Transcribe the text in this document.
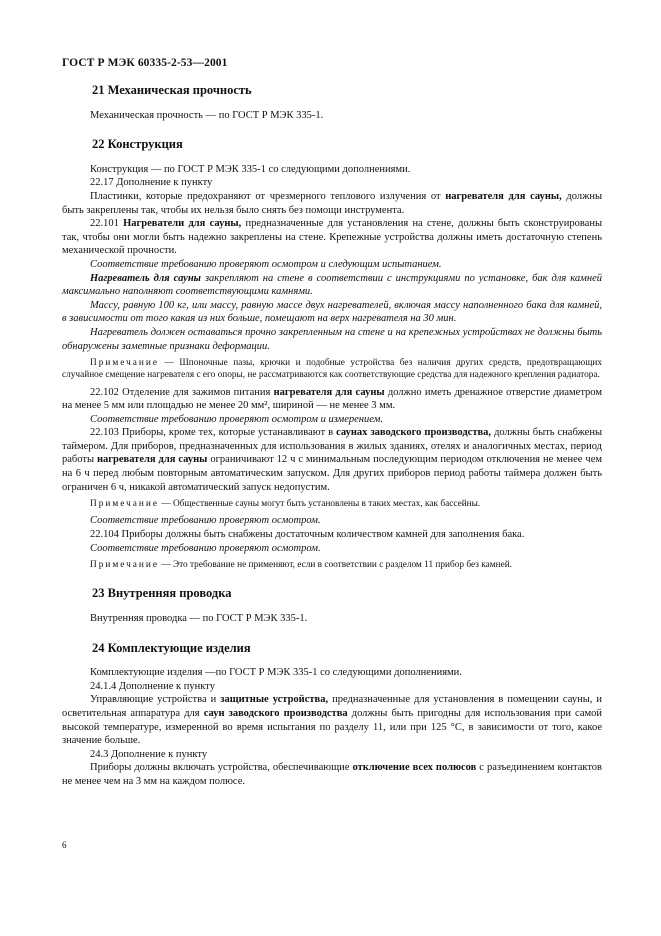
ГОСТ Р МЭК 60335-2-53—2001
21 Механическая прочность

Механическая прочность — по ГОСТ Р МЭК 335-1.

22 Конструкция

Конструкция — по ГОСТ Р МЭК 335-1 со следующими дополнениями.

22.17 Дополнение к пункту

Пластинки, которые предохраняют от чрезмерного теплового излучения от нагревателя для сауны, должны быть закреплены так, чтобы их нельзя было снять без помощи инструмента.

22.101 Нагреватели для сауны, предназначенные для установления на стене, должны быть сконструированы так, чтобы они могли быть надежно закреплены на стене. Крепежные устройства должны иметь достаточную степень механической прочности.

Соответствие требованию проверяют осмотром и следующим испытанием.

Нагреватель для сауны закрепляют на стене в соответствии с инструкциями по установке, бак для камней максимально наполняют соответствующими камнями.

Массу, равную 100 кг, или массу, равную массе двух нагревателей, включая массу наполненного бака для камней, в зависимости от того какая из них больше, помещают на верх нагревателя на 30 мин.

Нагреватель должен оставаться прочно закрепленным на стене и на крепежных устройствах не должны быть обнаружены заметные признаки деформации.

Примечание — Шпоночные пазы, крючки и подобные устройства без наличия других средств, предотвращающих случайное смещение нагревателя с его опоры, не рассматриваются как соответствующие средства для надежного крепления радиатора.

22.102 Отделение для зажимов питания нагревателя для сауны должно иметь дренажное отверстие диаметром на менее 5 мм или площадью не менее 20 мм², шириной — не менее 3 мм.

Соответствие требованию проверяют осмотром и измерением.

22.103 Приборы, кроме тех, которые устанавливают в саунах заводского производства, должны быть снабжены таймером. Для приборов, предназначенных для использования в жилых зданиях, отелях и аналогичных местах, период работы нагревателя для сауны ограничивают 12 ч с минимальным последующим периодом отключения не менее чем на 6 ч перед любым повторным автоматическим запуском. Для других приборов период работы таймера должен быть ограничен 6 ч, никакой автоматический запуск недопустим.

Примечание — Общественные сауны могут быть установлены в таких местах, как бассейны.

Соответствие требованию проверяют осмотром.

22.104 Приборы должны быть снабжены достаточным количеством камней для заполнения бака.

Соответствие требованию проверяют осмотром.

Примечание — Это требование не применяют, если в соответствии с разделом 11 прибор без камней.

23 Внутренняя проводка

Внутренняя проводка — по ГОСТ Р МЭК 335-1.

24 Комплектующие изделия

Комплектующие изделия —по ГОСТ Р МЭК 335-1 со следующими дополнениями.

24.1.4 Дополнение к пункту

Управляющие устройства и защитные устройства, предназначенные для установления в помещении сауны, и осветительная аппаратура для саун заводского производства должны быть пригодны для использования при самой высокой температуре, измеренной во время испытания по разделу 11, или при 125 °С, в зависимости от того, какое значение больше.

24.3 Дополнение к пункту

Приборы должны включать устройства, обеспечивающие отключение всех полюсов с разъединением контактов не менее чем на 3 мм на каждом полюсе.

6
